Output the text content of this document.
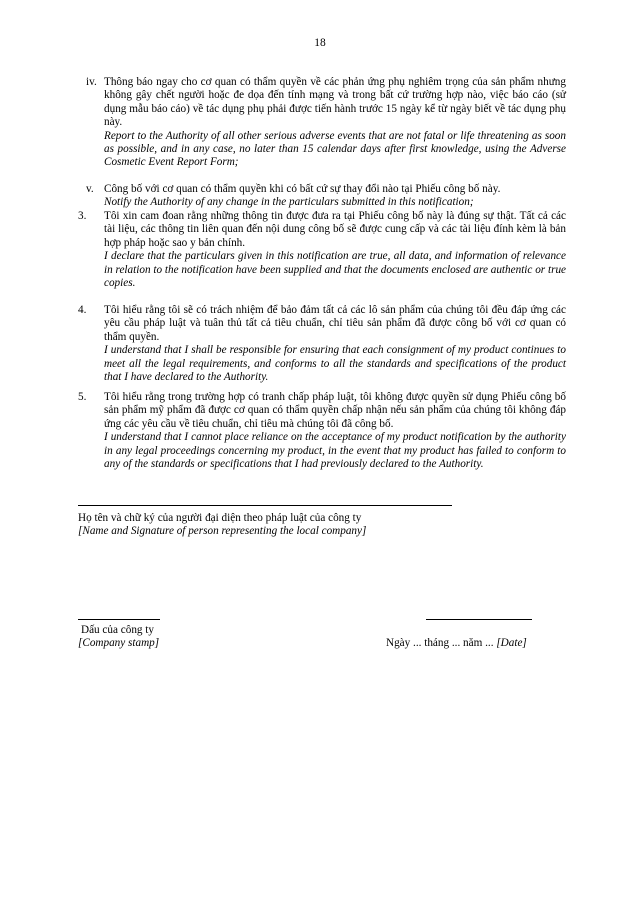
18
iv. Thông báo ngay cho cơ quan có thẩm quyền về các phản ứng phụ nghiêm trọng của sản phẩm nhưng không gây chết người hoặc đe dọa đến tính mạng và trong bất cứ trường hợp nào, việc báo cáo (sử dụng mẫu báo cáo) về tác dụng phụ phải được tiến hành trước 15 ngày kể từ ngày biết về tác dụng phụ này.
Report to the Authority of all other serious adverse events that are not fatal or life threatening as soon as possible, and in any case, no later than 15 calendar days after first knowledge, using the Adverse Cosmetic Event Report Form;
v. Công bố với cơ quan có thẩm quyền khi có bất cứ sự thay đổi nào tại Phiếu công bố này.
Notify the Authority of any change in the particulars submitted in this notification;
3.	Tôi xin cam đoan rằng những thông tin được đưa ra tại Phiếu công bố này là đúng sự thật. Tất cả các tài liệu, các thông tin liên quan đến nội dung công bố sẽ được cung cấp và các tài liệu đính kèm là bản hợp pháp hoặc sao y bản chính.
I declare that the particulars given in this notification are true, all data, and information of relevance in relation to the notification have been supplied and that the documents enclosed are authentic or true copies.
4.	Tôi hiểu rằng tôi sẽ có trách nhiệm để bảo đảm tất cả các lô sản phẩm của chúng tôi đều đáp ứng các yêu cầu pháp luật và tuân thủ tất cả tiêu chuẩn, chỉ tiêu sản phẩm đã được công bố với cơ quan có thẩm quyền.
I understand that I shall be responsible for ensuring that each consignment of my product continues to meet all the legal requirements, and conforms to all the standards and specifications of the product that I have declared to the Authority.
5.	Tôi hiểu rằng trong trường hợp có tranh chấp pháp luật, tôi không được quyền sử dụng Phiếu công bố sản phẩm mỹ phẩm đã được cơ quan có thẩm quyền chấp nhận nếu sản phẩm của chúng tôi không đáp ứng các yêu cầu về tiêu chuẩn, chỉ tiêu mà chúng tôi đã công bố.
I understand that I cannot place reliance on the acceptance of my product notification by the authority in any legal proceedings concerning my product, in the event that my product has failed to conform to any of the standards or specifications that I had previously declared to the Authority.
Họ tên và chữ ký của người đại diện theo pháp luật của công ty
[Name and Signature of person representing the local company]
Dấu của công ty
[Company stamp]	Ngày ... tháng ... năm ... [Date]
